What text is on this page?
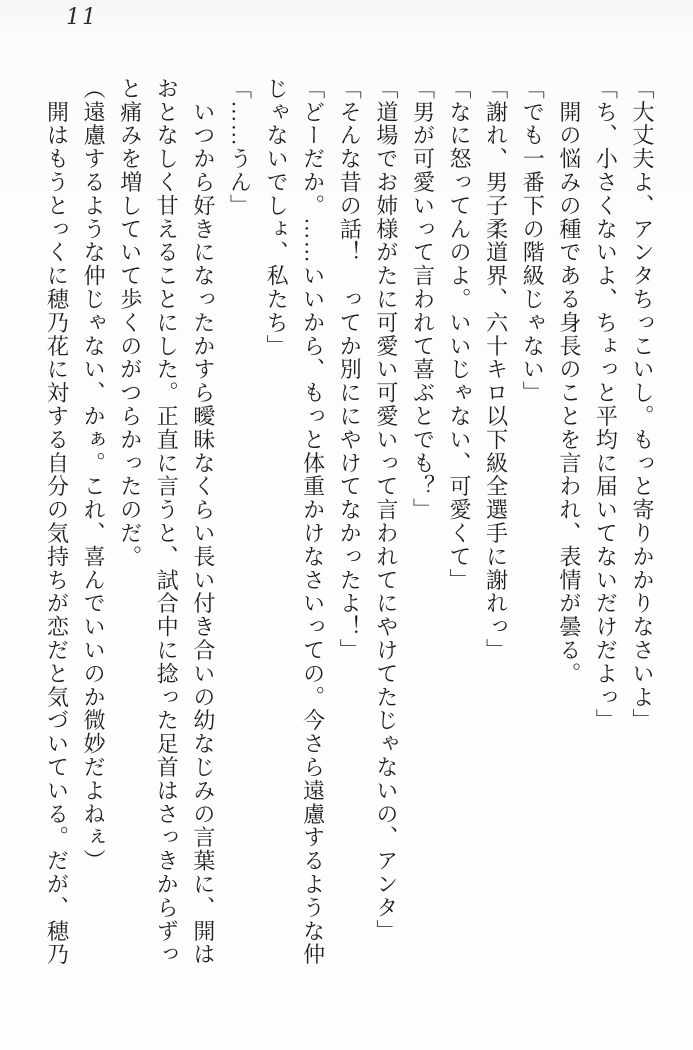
11
「大丈夫よ、アンタちっこいし。もっと寄りかかりなさいよ」
「ち、小さくないよ、ちょっと平均に届いてないだけだよっ」
　開の悩みの種である身長のことを言われ、表情が曇る。
「でも一番下の階級じゃない」
「謝れ、男子柔道界、六十キロ以下級全選手に謝れっ」
「なに怒ってんのよ。いいじゃない、可愛くて」
「男が可愛いって言われて喜ぶとでも？」
「道場でお姉様がたに可愛い可愛いって言われてにやけてたじゃないの、アンタ」
「そんな昔の話！　ってか別ににやけてなかったよ！」
「どーだか。……いいから、もっと体重かけなさいっての。今さら遠慮するような仲
じゃないでしょ、私たち」
「……うん」
　いつから好きになったかすら曖昧なくらい長い付き合いの幼なじみの言葉に、開は
おとなしく甘えることにした。正直に言うと、試合中に捻った足首はさっきからずっ
と痛みを増していて歩くのがつらかったのだ。
（遠慮するような仲じゃない、かぁ。これ、喜んでいいのか微妙だよねぇ）
　開はもうとっくに穂乃花に対する自分の気持ちが恋だと気づいている。だが、穂乃
